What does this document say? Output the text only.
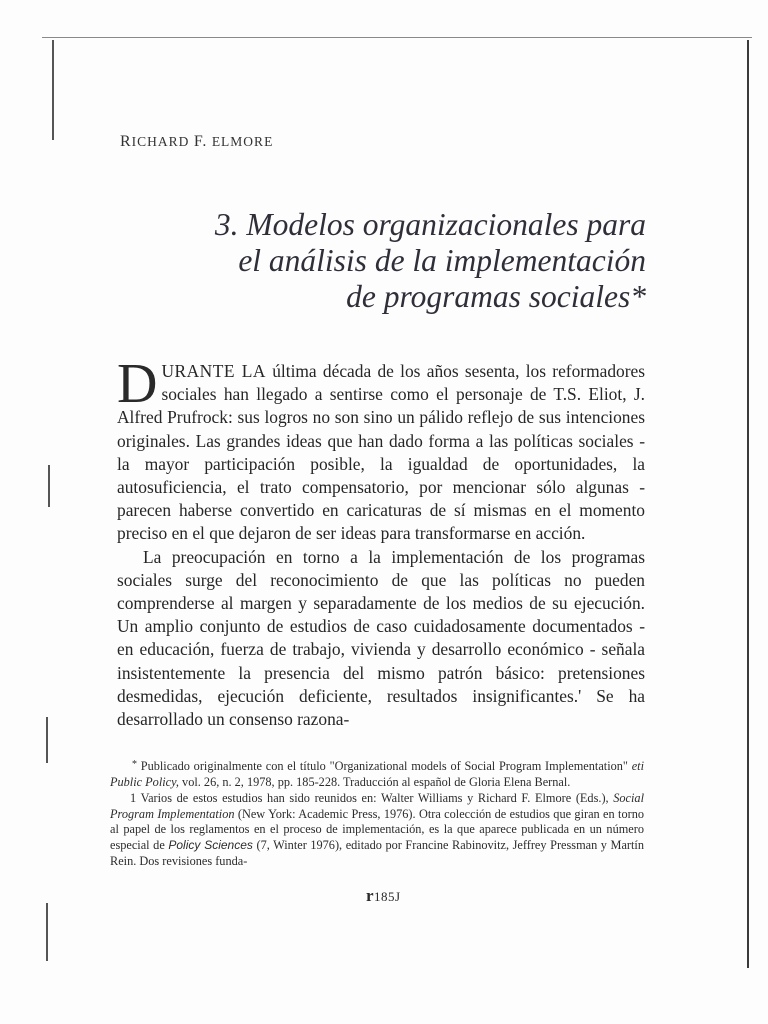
RICHARD F. ELMORE
3. Modelos organizacionales para
el análisis de la implementación
de programas sociales*

DURANTE LA última década de los años sesenta, los reformadores sociales han llegado a sentirse como el personaje de T.S. Eliot, J. Alfred Prufrock: sus logros no son sino un pálido reflejo de sus intenciones originales. Las grandes ideas que han dado forma a las políticas sociales - la mayor participación posible, la igualdad de oportunidades, la autosuficiencia, el trato compensatorio, por mencionar sólo algunas - parecen haberse convertido en caricaturas de sí mismas en el momento preciso en el que dejaron de ser ideas para transformarse en acción.

La preocupación en torno a la implementación de los programas sociales surge del reconocimiento de que las políticas no pueden comprenderse al margen y separadamente de los medios de su ejecución. Un amplio conjunto de estudios de caso cuidadosamente documentados - en educación, fuerza de trabajo, vivienda y desarrollo económico - señala insistentemente la presencia del mismo patrón básico: pretensiones desmedidas, ejecución deficiente, resultados insignificantes.' Se ha desarrollado un consenso razona-

* Publicado originalmente con el título "Organizational models of Social Program Implementation" eti Public Policy, vol. 26, n. 2, 1978, pp. 185-228. Traducción al español de Gloria Elena Bernal.

1 Varios de estos estudios han sido reunidos en: Walter Williams y Richard F. Elmore (Eds.), Social Program Implementation (New York: Academic Press, 1976). Otra colección de estudios que giran en torno al papel de los reglamentos en el proceso de implementación, es la que aparece publicada en un número especial de Policy Sciences (7, Winter 1976), editado por Francine Rabinovitz, Jeffrey Pressman y Martín Rein. Dos revisiones funda-

r185J
